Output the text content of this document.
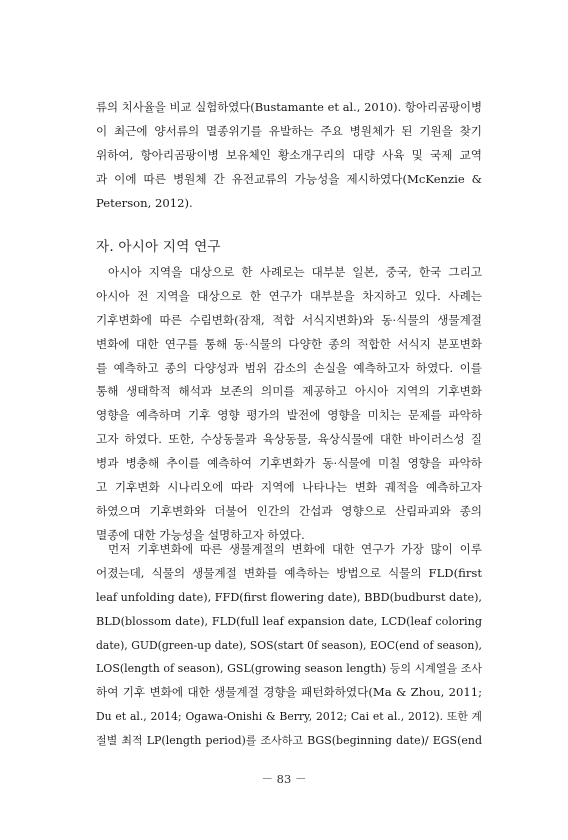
류의 치사율을 비교 실험하였다(Bustamante et al., 2010). 항아리곰팡이병
이 최근에 양서류의 멸종위기를 유발하는 주요 병원체가 된 기원을 찾기
위하여, 항아리곰팡이병 보유체인 황소개구리의 대량 사육 및 국제 교역
과 이에 따른 병원체 간 유전교류의 가능성을 제시하였다(McKenzie &
Peterson, 2012).
자. 아시아 지역 연구
아시아 지역을 대상으로 한 사례로는 대부분 일본, 중국, 한국 그리고
아시아 전 지역을 대상으로 한 연구가 대부분을 차지하고 있다. 사례는
기후변화에 따른 수림변화(잠재, 적합 서식지변화)와 동·식물의 생물계절
변화에 대한 연구를 통해 동·식물의 다양한 종의 적합한 서식지 분포변화
를 예측하고 종의 다양성과 범위 감소의 손실을 예측하고자 하였다. 이를
통해 생태학적 해석과 보존의 의미를 제공하고 아시아 지역의 기후변화
영향을 예측하며 기후 영향 평가의 발전에 영향을 미치는 문제를 파악하
고자 하였다. 또한, 수상동물과 육상동물, 육상식물에 대한 바이러스성 질
병과 병충해 추이를 예측하여 기후변화가 동·식물에 미칠 영향을 파악하
고 기후변화 시나리오에 따라 지역에 나타나는 변화 궤적을 예측하고자
하였으며 기후변화와 더불어 인간의 간섭과 영향으로 산림파괴와 종의
멸종에 대한 가능성을 설명하고자 하였다.
먼저 기후변화에 따른 생물계절의 변화에 대한 연구가 가장 많이 이루
어졌는데, 식물의 생물계절 변화를 예측하는 방법으로 식물의 FLD(first
leaf unfolding date), FFD(first flowering date), BBD(budburst date),
BLD(blossom date), FLD(full leaf expansion date, LCD(leaf coloring
date), GUD(green-up date), SOS(start 0f season), EOC(end of season),
LOS(length of season), GSL(growing season length) 등의 시계열을 조사
하여 기후 변화에 대한 생물계절 경향을 패턴화하였다(Ma & Zhou, 2011;
Du et al., 2014; Ogawa-Onishi & Berry, 2012; Cai et al., 2012). 또한 계
절별 최적 LP(length period)를 조사하고 BGS(beginning date)/ EGS(end
－ 83 －
